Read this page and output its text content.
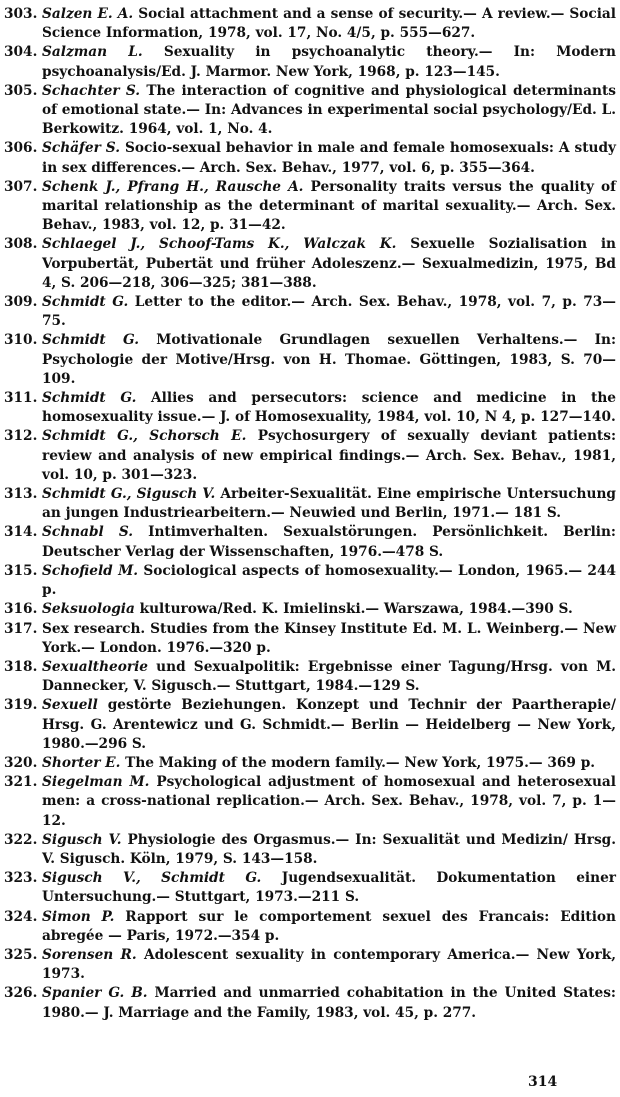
303. Salzen E. A. Social attachment and a sense of security.— A review.— Social Science Information, 1978, vol. 17, No. 4/5, p. 555—627.
304. Salzman L. Sexuality in psychoanalytic theory.— In: Modern psychoanalysis/Ed. J. Marmor. New York, 1968, p. 123—145.
305. Schachter S. The interaction of cognitive and physiological determinants of emotional state.— In: Advances in experimental social psychology/Ed. L. Berkowitz. 1964, vol. 1, No. 4.
306. Schäfer S. Socio-sexual behavior in male and female homosexuals: A study in sex differences.— Arch. Sex. Behav., 1977, vol. 6, p. 355—364.
307. Schenk J., Pfrang H., Rausche A. Personality traits versus the quality of marital relationship as the determinant of marital sexuality.— Arch. Sex. Behav., 1983, vol. 12, p. 31—42.
308. Schlaegel J., Schoof-Tams K., Walczak K. Sexuelle Sozialisation in Vorpubertät, Pubertät und früher Adoleszenz.— Sexualmedizin, 1975, Bd 4, S. 206—218, 306—325; 381—388.
309. Schmidt G. Letter to the editor.— Arch. Sex. Behav., 1978, vol. 7, p. 73—75.
310. Schmidt G. Motivationale Grundlagen sexuellen Verhaltens.— In: Psychologie der Motive/Hrsg. von H. Thomae. Göttingen, 1983, S. 70—109.
311. Schmidt G. Allies and persecutors: science and medicine in the homosexuality issue.— J. of Homosexuality, 1984, vol. 10, N 4, p. 127—140.
312. Schmidt G., Schorsch E. Psychosurgery of sexually deviant patients: review and analysis of new empirical findings.— Arch. Sex. Behav., 1981, vol. 10, p. 301—323.
313. Schmidt G., Sigusch V. Arbeiter-Sexualität. Eine empirische Untersuchung an jungen Industriearbeitern.— Neuwied und Berlin, 1971.— 181 S.
314. Schnabl S. Intimverhalten. Sexualstörungen. Persönlichkeit. Berlin: Deutscher Verlag der Wissenschaften, 1976.—478 S.
315. Schofield M. Sociological aspects of homosexuality.— London, 1965.— 244 p.
316. Seksuologia kulturowa/Red. K. Imielinski.— Warszawa, 1984.—390 S.
317. Sex research. Studies from the Kinsey Institute Ed. M. L. Weinberg.— New York.— London. 1976.—320 p.
318. Sexualtheorie und Sexualpolitik: Ergebnisse einer Tagung/Hrsg. von M. Dannecker, V. Sigusch.— Stuttgart, 1984.—129 S.
319. Sexuell gestörte Beziehungen. Konzept und Technir der Paartherapie/ Hrsg. G. Arentewicz und G. Schmidt.— Berlin — Heidelberg — New York, 1980.—296 S.
320. Shorter E. The Making of the modern family.— New York, 1975.— 369 p.
321. Siegelman M. Psychological adjustment of homosexual and heterosexual men: a cross-national replication.— Arch. Sex. Behav., 1978, vol. 7, p. 1—12.
322. Sigusch V. Physiologie des Orgasmus.— In: Sexualität und Medizin/ Hrsg. V. Sigusch. Köln, 1979, S. 143—158.
323. Sigusch V., Schmidt G. Jugendsexualität. Dokumentation einer Untersuchung.— Stuttgart, 1973.—211 S.
324. Simon P. Rapport sur le comportement sexuel des Francais: Edition abregée — Paris, 1972.—354 p.
325. Sorensen R. Adolescent sexuality in contemporary America.— New York, 1973.
326. Spanier G. B. Married and unmarried cohabitation in the United States: 1980.— J. Marriage and the Family, 1983, vol. 45, p. 277.
314
